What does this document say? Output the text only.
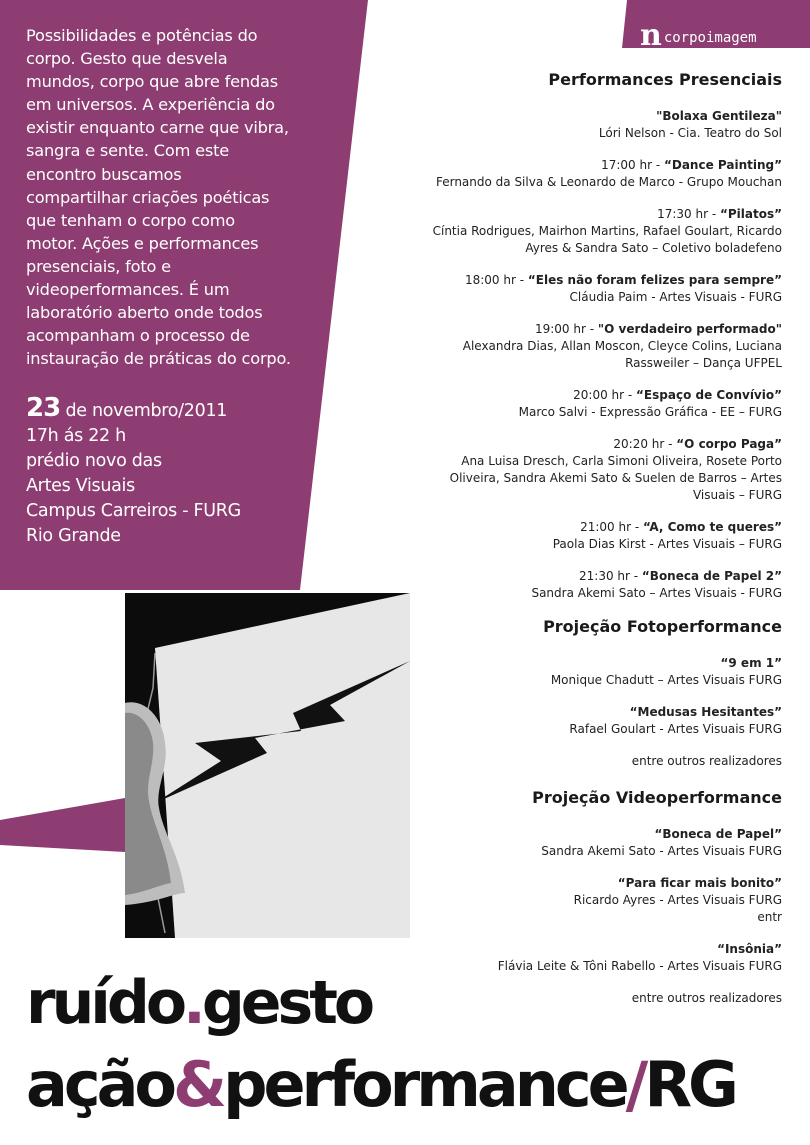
Possibilidades e potências do
corpo. Gesto que desvela
mundos, corpo que abre fendas
em universos. A experiência do
existir enquanto carne que vibra,
sangra e sente. Com este
encontro buscamos
compartilhar criações poéticas
que tenham o corpo como
motor. Ações e performances
presenciais, foto e
videoperformances. É um
laboratório aberto onde todos
acompanham o processo de
instauração de práticas do corpo.
23 de novembro/2011
17h ás 22 h
prédio novo das
Artes Visuais
Campus Carreiros - FURG
Rio Grande
ncorpoimagem
Performances Presenciais
"Bolaxa Gentileza"
Lóri Nelson - Cia. Teatro do Sol
17:00 hr - “Dance Painting”
Fernando da Silva & Leonardo de Marco - Grupo Mouchan
17:30 hr - “Pilatos”
Cíntia Rodrigues, Mairhon Martins, Rafael Goulart, Ricardo
Ayres & Sandra Sato – Coletivo boladefeno
18:00 hr - “Eles não foram felizes para sempre”
Cláudia Paim - Artes Visuais - FURG
19:00 hr - "O verdadeiro performado"
Alexandra Dias, Allan Moscon, Cleyce Colins, Luciana
Rassweiler – Dança UFPEL
20:00 hr - “Espaço de Convívio”
Marco Salvi - Expressão Gráfica - EE – FURG
20:20 hr - “O corpo Paga”
Ana Luisa Dresch, Carla Simoni Oliveira, Rosete Porto
Oliveira, Sandra Akemi Sato & Suelen de Barros – Artes
Visuais – FURG
21:00 hr - “A, Como te queres”
Paola Dias Kirst - Artes Visuais – FURG
21:30 hr - “Boneca de Papel 2”
Sandra Akemi Sato – Artes Visuais - FURG
Projeção Fotoperformance
“9 em 1”
Monique Chadutt – Artes Visuais FURG
“Medusas Hesitantes”
Rafael Goulart - Artes Visuais FURG
entre outros realizadores
Projeção Videoperformance
“Boneca de Papel”
Sandra Akemi Sato - Artes Visuais FURG
“Para ficar mais bonito”
Ricardo Ayres - Artes Visuais FURG
entr
“Insônia”
Flávia Leite & Tôni Rabello - Artes Visuais FURG
entre outros realizadores
ruído.gesto
ação&performance/RG
